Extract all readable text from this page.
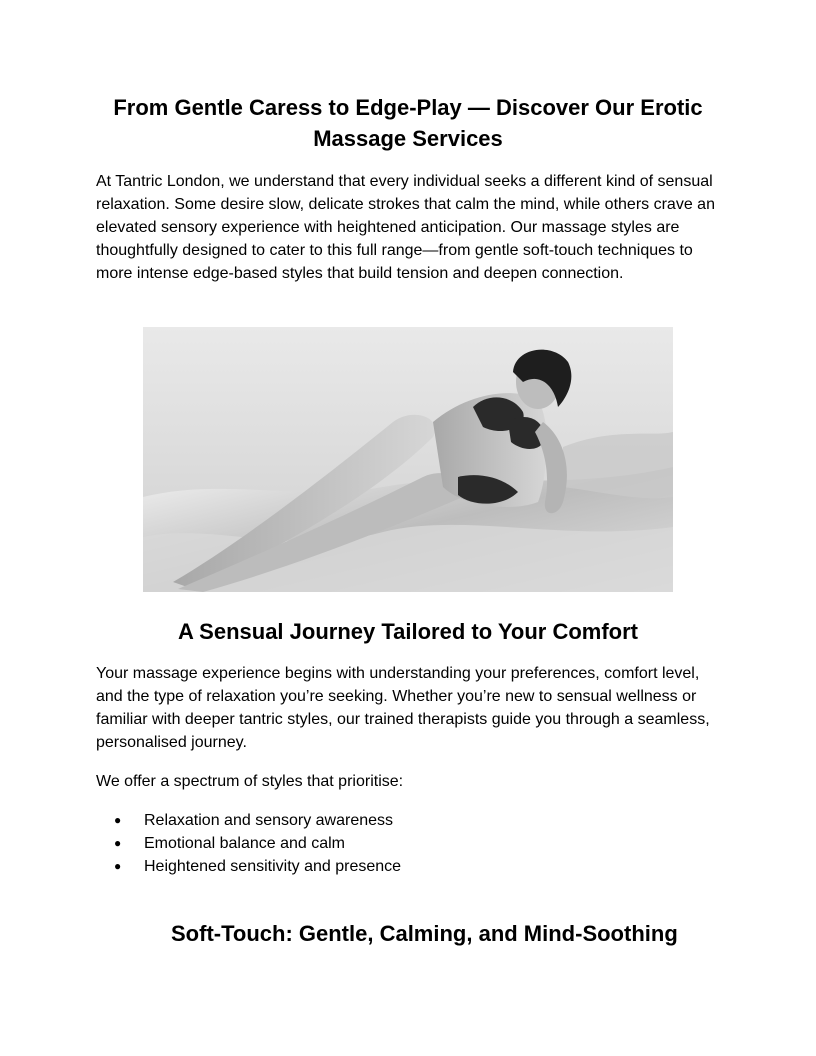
From Gentle Caress to Edge-Play — Discover Our Erotic Massage Services

At Tantric London, we understand that every individual seeks a different kind of sensual relaxation. Some desire slow, delicate strokes that calm the mind, while others crave an elevated sensory experience with heightened anticipation. Our massage styles are thoughtfully designed to cater to this full range—from gentle soft-touch techniques to more intense edge-based styles that build tension and deepen connection.

A Sensual Journey Tailored to Your Comfort

Your massage experience begins with understanding your preferences, comfort level, and the type of relaxation you’re seeking. Whether you’re new to sensual wellness or familiar with deeper tantric styles, our trained therapists guide you through a seamless, personalised journey.

We offer a spectrum of styles that prioritise:

● Relaxation and sensory awareness
● Emotional balance and calm
● Heightened sensitivity and presence
Soft-Touch: Gentle, Calming, and Mind-Soothing
